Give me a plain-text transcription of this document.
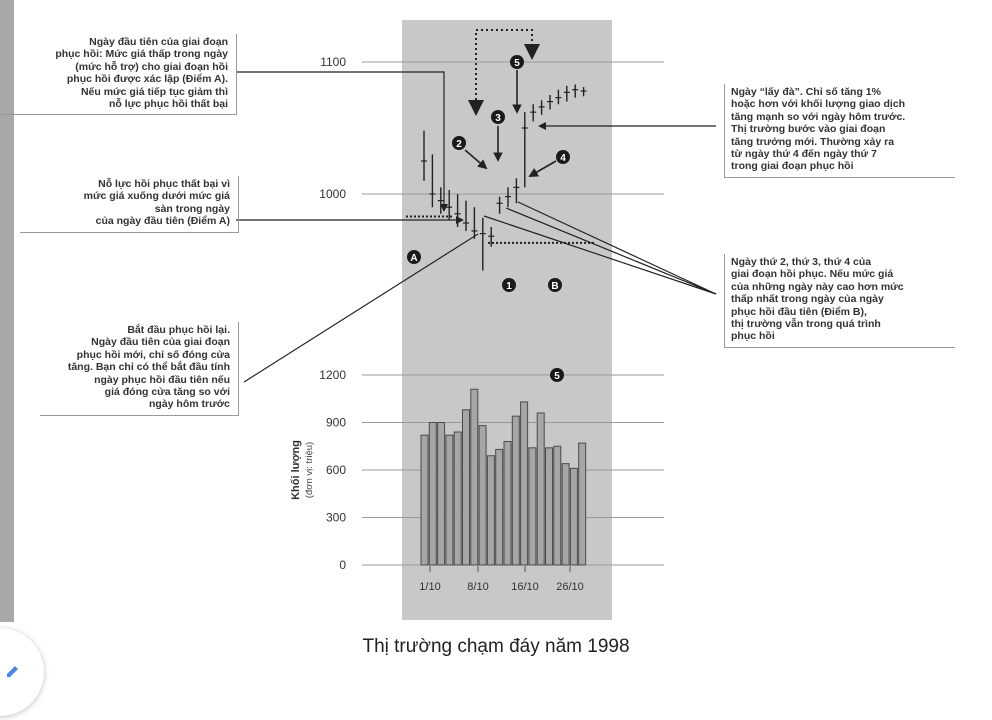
1000
1100
0
300
600
900
1200
1/10 8/10 16/10 26/10
Khối lượng (đơn vị: triệu)
5
A
B
1
2
3
4
5
Ngày đầu tiên của giai đoạn
phục hồi: Mức giá thấp trong ngày
(mức hỗ trợ) cho giai đoạn hồi
phục hồi được xác lập (Điểm A).
Nếu mức giá tiếp tục giảm thì
nỗ lực phục hồi thất bại
Nỗ lực hồi phục thất bại vì
mức giá xuống dưới mức giá
sàn trong ngày
của ngày đầu tiên (Điểm A)
Bắt đầu phục hồi lại.
Ngày đầu tiên của giai đoạn
phục hồi mới, chỉ số đóng cửa
tăng. Bạn chỉ có thể bắt đầu tính
ngày phục hồi đầu tiên nếu
giá đóng cửa tăng so với
ngày hôm trước
Ngày “lấy đà”. Chỉ số tăng 1%
hoặc hơn với khối lượng giao dịch
tăng mạnh so với ngày hôm trước.
Thị trường bước vào giai đoạn
tăng trưởng mới. Thường xảy ra
từ ngày thứ 4 đến ngày thứ 7
trong giai đoạn phục hồi
Ngày thứ 2, thứ 3, thứ 4 của
giai đoạn hồi phục. Nếu mức giá
của những ngày này cao hơn mức
thấp nhất trong ngày của ngày
phục hồi đầu tiên (Điểm B),
thị trường vẫn trong quá trình
phục hồi
Thị trường chạm đáy năm 1998
